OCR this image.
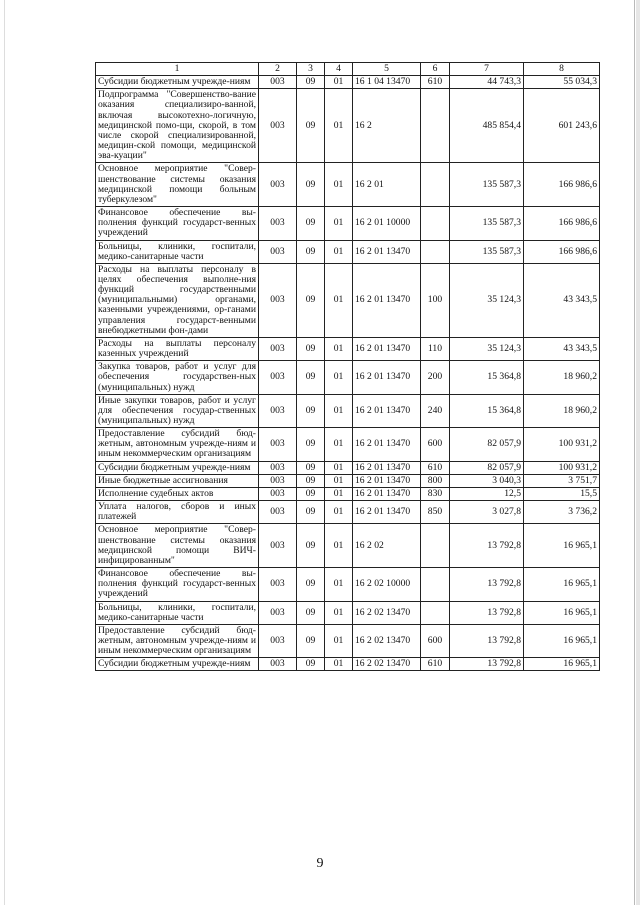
1	2	3	4	5	6	7	8
Субсидии бюджетным учрежде-ниям	003	09	01	16 1 04 13470	610	44 743,3	55 034,3
Подпрограмма "Совершенство-вание оказания специализиро-ванной, включая высокотехно-логичную, медицинской помо-щи, скорой, в том числе скорой специализированной, медицин-ской помощи, медицинской эва-куации"	003	09	01	16 2		485 854,4	601 243,6
Основное мероприятие "Совер-шенствование системы оказания медицинской помощи больным туберкулезом"	003	09	01	16 2 01		135 587,3	166 986,6
Финансовое обеспечение вы-полнения функций государст-венных учреждений	003	09	01	16 2 01 10000		135 587,3	166 986,6
Больницы, клиники, госпитали, медико-санитарные части	003	09	01	16 2 01 13470		135 587,3	166 986,6
Расходы на выплаты персоналу в целях обеспечения выполне-ния функций государственными (муниципальными) органами, казенными учреждениями, ор-ганами управления государст-венными внебюджетными фон-дами	003	09	01	16 2 01 13470	100	35 124,3	43 343,5
Расходы на выплаты персоналу казенных учреждений	003	09	01	16 2 01 13470	110	35 124,3	43 343,5
Закупка товаров, работ и услуг для обеспечения государствен-ных (муниципальных) нужд	003	09	01	16 2 01 13470	200	15 364,8	18 960,2
Иные закупки товаров, работ и услуг для обеспечения государ-ственных (муниципальных) нужд	003	09	01	16 2 01 13470	240	15 364,8	18 960,2
Предоставление субсидий бюд-жетным, автономным учрежде-ниям и иным некоммерческим организациям	003	09	01	16 2 01 13470	600	82 057,9	100 931,2
Субсидии бюджетным учрежде-ниям	003	09	01	16 2 01 13470	610	82 057,9	100 931,2
Иные бюджетные ассигнования	003	09	01	16 2 01 13470	800	3 040,3	3 751,7
Исполнение судебных актов	003	09	01	16 2 01 13470	830	12,5	15,5
Уплата налогов, сборов и иных платежей	003	09	01	16 2 01 13470	850	3 027,8	3 736,2
Основное мероприятие "Совер-шенствование системы оказания медицинской помощи ВИЧ-инфицированным"	003	09	01	16 2 02		13 792,8	16 965,1
Финансовое обеспечение вы-полнения функций государст-венных учреждений	003	09	01	16 2 02 10000		13 792,8	16 965,1
Больницы, клиники, госпитали, медико-санитарные части	003	09	01	16 2 02 13470		13 792,8	16 965,1
Предоставление субсидий бюд-жетным, автономным учрежде-ниям и иным некоммерческим организациям	003	09	01	16 2 02 13470	600	13 792,8	16 965,1
Субсидии бюджетным учрежде-ниям	003	09	01	16 2 02 13470	610	13 792,8	16 965,1
9
